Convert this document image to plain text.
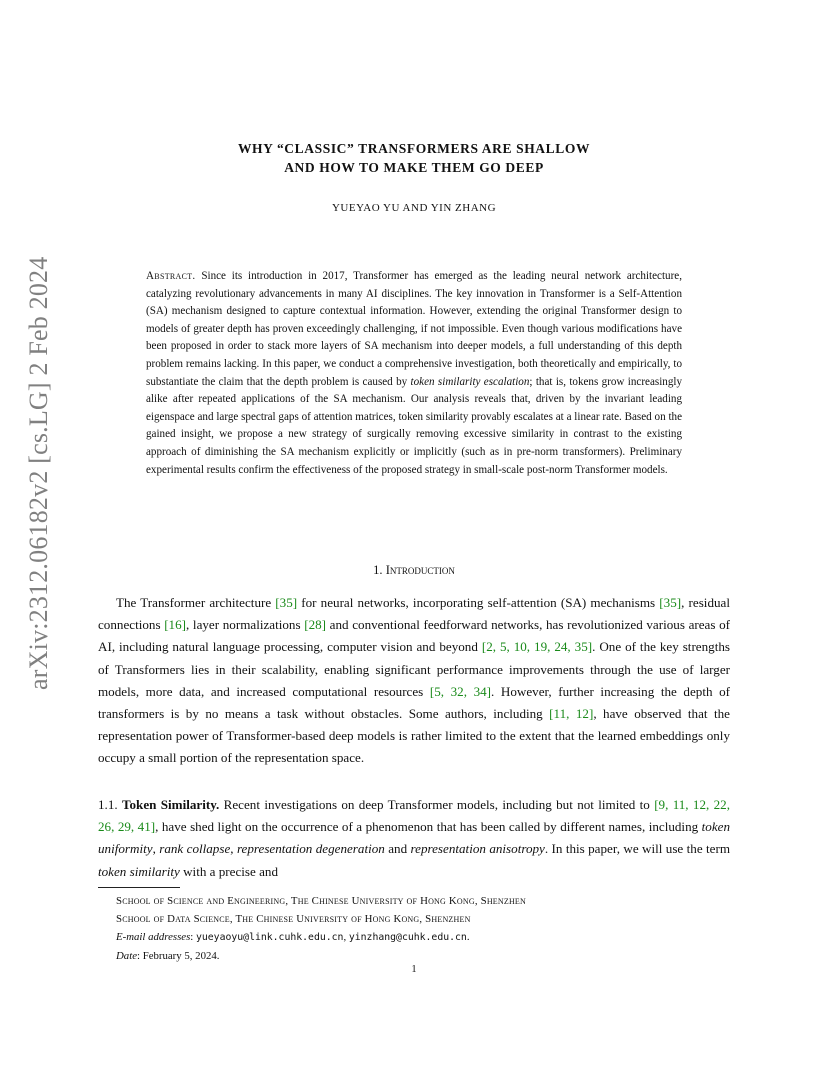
arXiv:2312.06182v2 [cs.LG] 2 Feb 2024
WHY “CLASSIC” TRANSFORMERS ARE SHALLOW
AND HOW TO MAKE THEM GO DEEP
YUEYAO YU AND YIN ZHANG
Abstract. Since its introduction in 2017, Transformer has emerged as the leading neural network architecture, catalyzing revolutionary advancements in many AI disciplines. The key innovation in Transformer is a Self-Attention (SA) mechanism designed to capture contextual information. However, extending the original Transformer design to models of greater depth has proven exceedingly challenging, if not impossible. Even though various modifications have been proposed in order to stack more layers of SA mechanism into deeper models, a full understanding of this depth problem remains lacking. In this paper, we conduct a comprehensive investigation, both theoretically and empirically, to substantiate the claim that the depth problem is caused by token similarity escalation; that is, tokens grow increasingly alike after repeated applications of the SA mechanism. Our analysis reveals that, driven by the invariant leading eigenspace and large spectral gaps of attention matrices, token similarity provably escalates at a linear rate. Based on the gained insight, we propose a new strategy of surgically removing excessive similarity in contrast to the existing approach of diminishing the SA mechanism explicitly or implicitly (such as in pre-norm transformers). Preliminary experimental results confirm the effectiveness of the proposed strategy in small-scale post-norm Transformer models.
1. Introduction
The Transformer architecture [35] for neural networks, incorporating self-attention (SA) mechanisms [35], residual connections [16], layer normalizations [28] and conventional feedforward networks, has revolutionized various areas of AI, including natural language processing, computer vision and beyond [2, 5, 10, 19, 24, 35]. One of the key strengths of Transformers lies in their scalability, enabling significant performance improvements through the use of larger models, more data, and increased computational resources [5, 32, 34]. However, further increasing the depth of transformers is by no means a task without obstacles. Some authors, including [11, 12], have observed that the representation power of Transformer-based deep models is rather limited to the extent that the learned embeddings only occupy a small portion of the representation space.
1.1. Token Similarity. Recent investigations on deep Transformer models, including but not limited to [9, 11, 12, 22, 26, 29, 41], have shed light on the occurrence of a phenomenon that has been called by different names, including token uniformity, rank collapse, representation degeneration and representation anisotropy. In this paper, we will use the term token similarity with a precise and
School of Science and Engineering, The Chinese University of Hong Kong, Shenzhen
School of Data Science, The Chinese University of Hong Kong, Shenzhen
E-mail addresses: yueyaoyu@link.cuhk.edu.cn, yinzhang@cuhk.edu.cn.
Date: February 5, 2024.
1
